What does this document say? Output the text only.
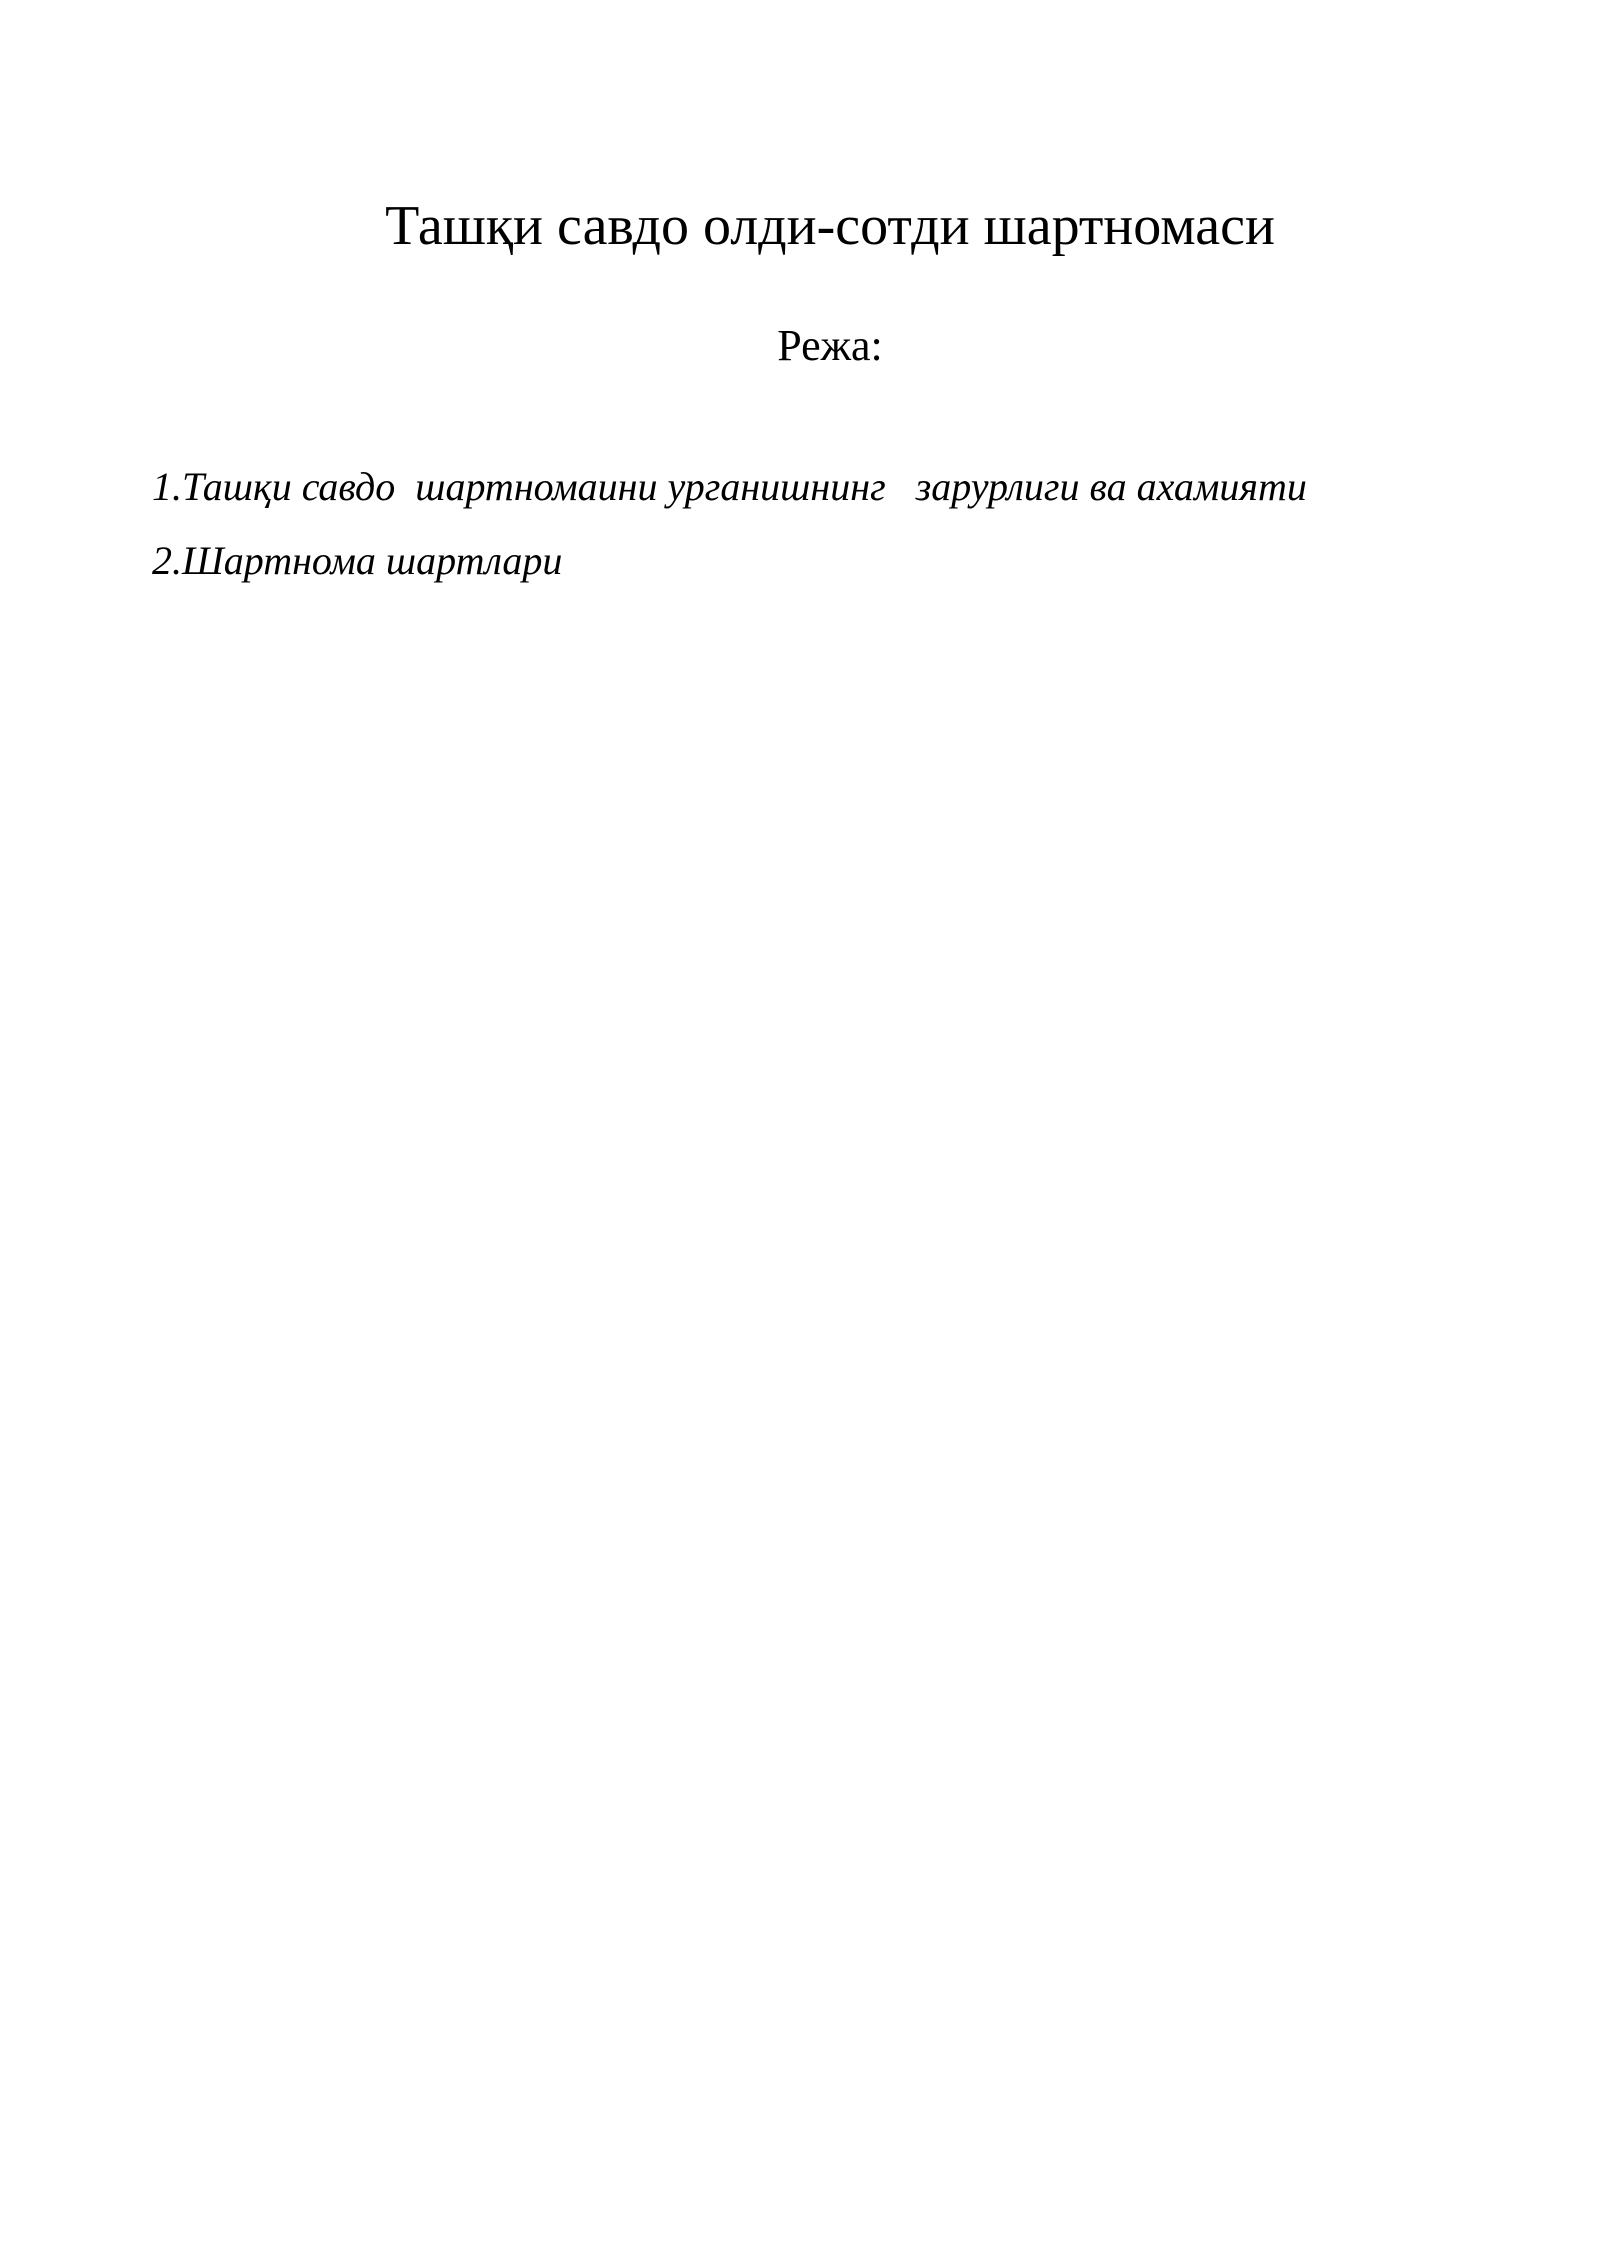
Ташқи савдо олди-сотди шартномаси
Режа:
1.Ташқи савдо  шартномаини урганишнинг   зарурлиги ва ахамияти
2.Шартнома шартлари
